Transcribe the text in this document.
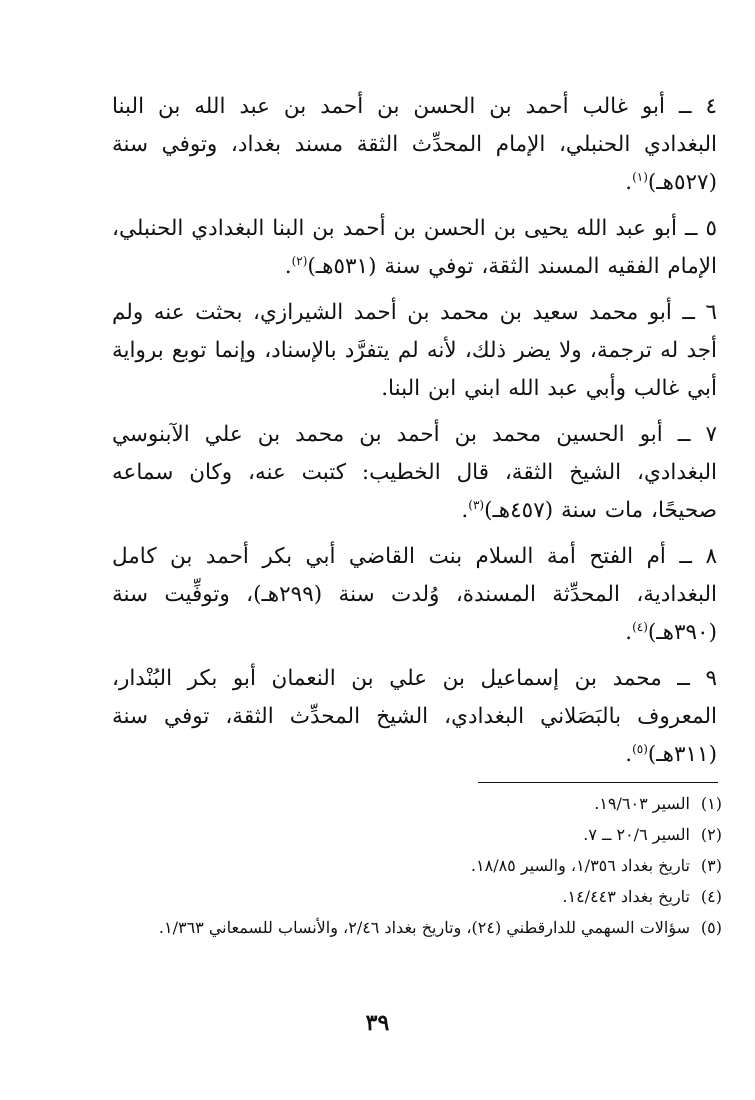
٤ ــ أبو غالب أحمد بن الحسن بن أحمد بن عبد الله بن البنا البغدادي الحنبلي، الإمام المحدِّث الثقة مسند بغداد، وتوفي سنة (٥٢٧هـ)$^{(١)}$.

٥ ــ أبو عبد الله يحيى بن الحسن بن أحمد بن البنا البغدادي الحنبلي، الإمام الفقيه المسند الثقة، توفي سنة (٥٣١هـ)$^{(٢)}$.

٦ ــ أبو محمد سعيد بن محمد بن أحمد الشيرازي، بحثت عنه ولم أجد له ترجمة، ولا يضر ذلك، لأنه لم يتفرَّد بالإسناد، وإنما توبع برواية أبي غالب وأبي عبد الله ابني ابن البنا.

٧ ــ أبو الحسين محمد بن أحمد بن محمد بن علي الآبنوسي البغدادي، الشيخ الثقة، قال الخطيب: كتبت عنه، وكان سماعه صحيحًا، مات سنة (٤٥٧هـ)$^{(٣)}$.

٨ ــ أم الفتح أمة السلام بنت القاضي أبي بكر أحمد بن كامل البغدادية، المحدِّثة المسندة، وُلدت سنة (٢٩٩هـ)، وتوفِّيت سنة (٣٩٠هـ)$^{(٤)}$.

٩ ــ محمد بن إسماعيل بن علي بن النعمان أبو بكر البُنْدار، المعروف بالبَصَلاني البغدادي، الشيخ المحدِّث الثقة، توفي سنة (٣١١هـ)$^{(٥)}$.

(١)
السير ١٩/٦٠٣.
(٢)
السير ٢٠/٦ ــ ٧.
(٣)
تاريخ بغداد ١/٣٥٦، والسير ١٨/٨٥.
(٤)
تاريخ بغداد ١٤/٤٤٣.
(٥)
سؤالات السهمي للدارقطني (٢٤)، وتاريخ بغداد ٢/٤٦، والأنساب للسمعاني ١/٣٦٣.
٣٩
